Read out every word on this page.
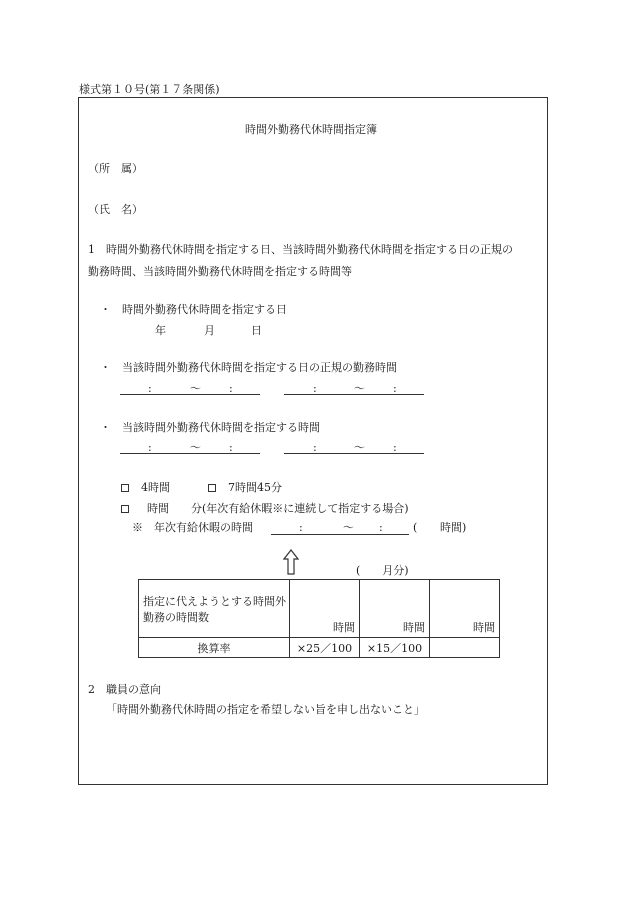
様式第１０号(第１７条関係)
時間外勤務代休時間指定簿
（所　属）
（氏　名）
1　時間外勤務代休時間を指定する日、当該時間外勤務代休時間を指定する日の正規の
勤務時間、当該時間外勤務代休時間を指定する時間等
・　時間外勤務代休時間を指定する日
年	月	日
・　当該時間外勤務代休時間を指定する日の正規の勤務時間
:	〜	:	:	〜	:
・　当該時間外勤務代休時間を指定する時間
:	〜	:	:	〜	:
4時間	7時間45分
時間　　分(年次有給休暇※に連続して指定する場合)
※　年次有給休暇の時間	:	〜 :	( 時間)
(　　月分)
指定に代えようとする時間外勤務の時間数	時間	時間	時間
換算率	×25／100	×15／100	
2　職員の意向
「時間外勤務代休時間の指定を希望しない旨を申し出ないこと」
